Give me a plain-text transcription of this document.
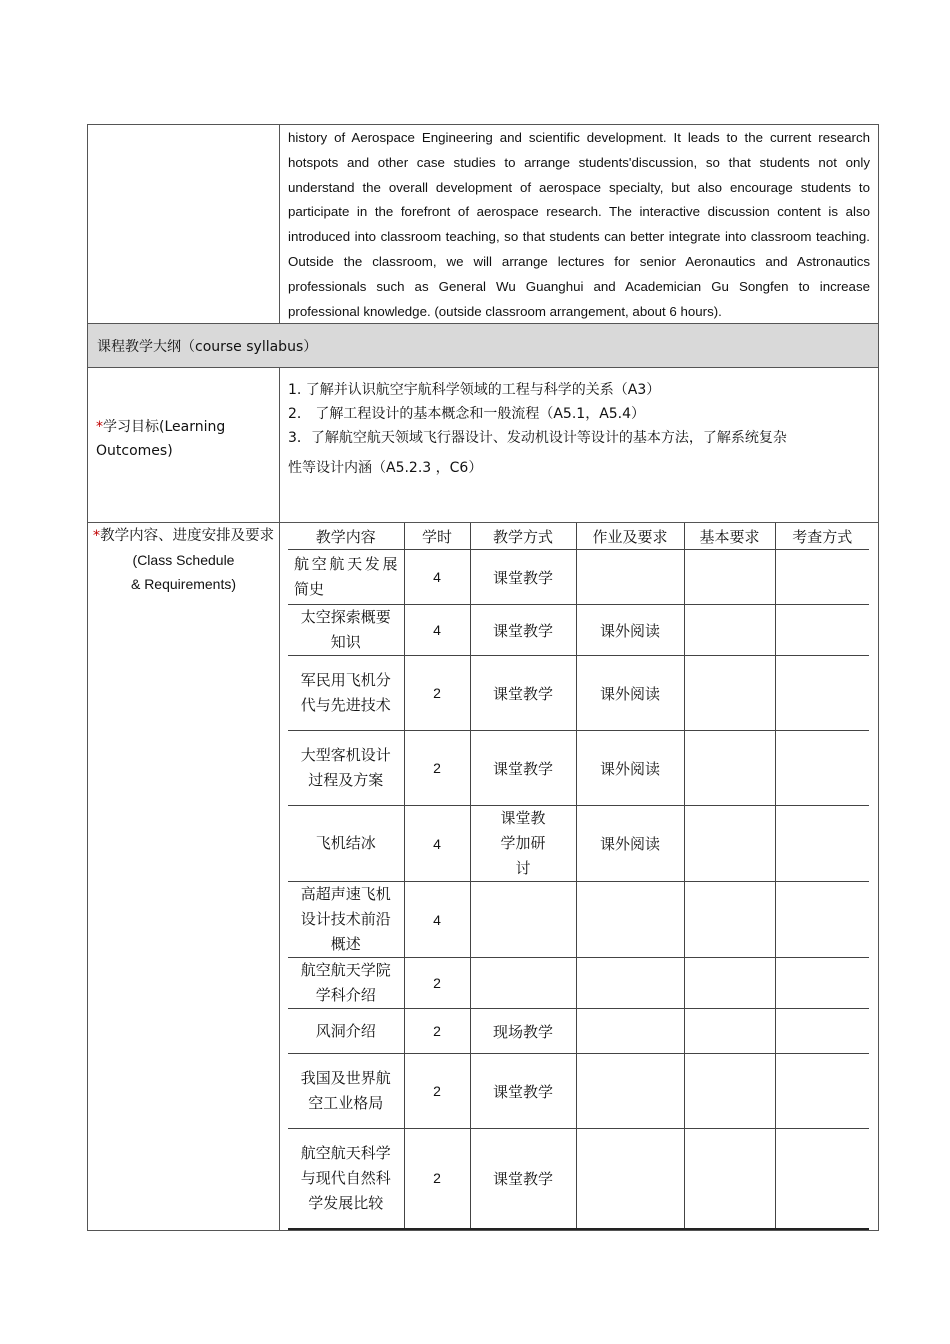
history of Aerospace Engineering and scientific development. It leads to the current research hotspots and other case studies to arrange students'discussion, so that students not only understand the overall development of aerospace specialty, but also encourage students to participate in the forefront of aerospace research. The interactive discussion content is also introduced into classroom teaching, so that students can better integrate into classroom teaching. Outside the classroom, we will arrange lectures for senior Aeronautics and Astronautics professionals such as General Wu Guanghui and Academician Gu Songfen to increase professional knowledge. (outside classroom arrangement, about 6 hours).

课程教学大纲（course syllabus）

*学习目标(Learning Outcomes)

1. 了解并认识航空宇航科学领域的工程与科学的关系（A3）

2． 了解工程设计的基本概念和一般流程（A5.1，A5.4）

3．了解航空航天领域飞行器设计、发动机设计等设计的基本方法，了解系统复杂

性等设计内涵（A5.2.3 ，C6）

*教学内容、进度安排及要求
(Class Schedule
& Requirements)

教学内容	学时	教学方式	作业及要求	基本要求	考查方式
航空航天发展简史	4	课堂教学			
太空探索概要知识	4	课堂教学	课外阅读		
军民用飞机分代与先进技术	2	课堂教学	课外阅读		
大型客机设计过程及方案	2	课堂教学	课外阅读		
飞机结冰	4	课堂教学加研讨	课外阅读		
高超声速飞机设计技术前沿概述	4				
航空航天学院学科介绍	2				
风洞介绍	2	现场教学			
我国及世界航空工业格局	2	课堂教学			
航空航天科学与现代自然科学发展比较	2	课堂教学			
